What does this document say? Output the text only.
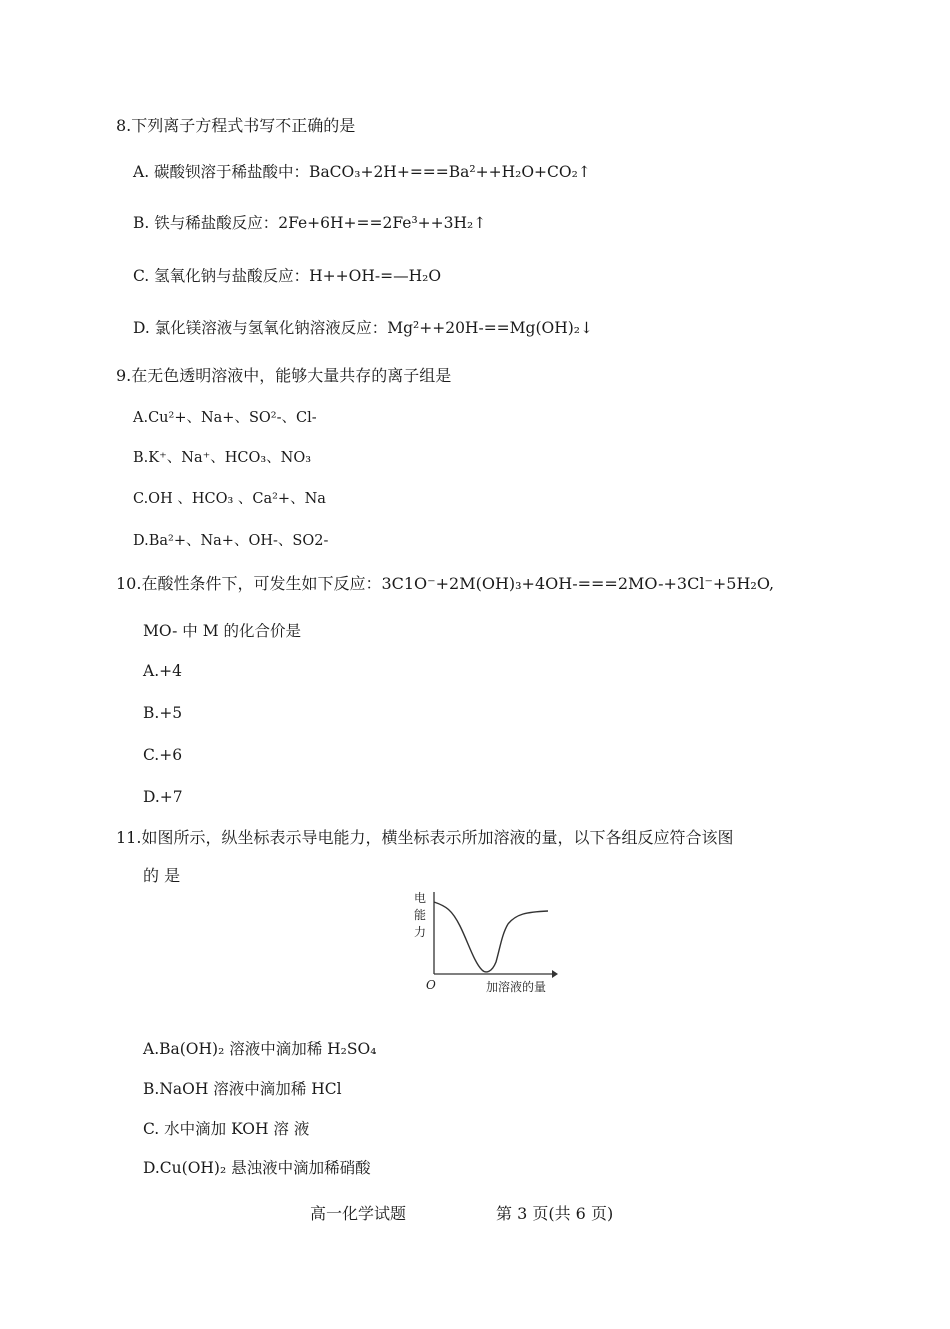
8.下列离子方程式书写不正确的是
A. 碳酸钡溶于稀盐酸中：BaCO₃+2H+===Ba²++H₂O+CO₂↑
B. 铁与稀盐酸反应：2Fe+6H+==2Fe³++3H₂↑
C. 氢氧化钠与盐酸反应：H++OH-=—H₂O
D. 氯化镁溶液与氢氧化钠溶液反应：Mg²++20H-==Mg(OH)₂↓
9.在无色透明溶液中，能够大量共存的离子组是
A.Cu²+、Na+、SO²-、Cl-
B.K⁺、Na⁺、HCO₃、NO₃
C.OH 、HCO₃ 、Ca²+、Na
D.Ba²+、Na+、OH-、SO2-
10.在酸性条件下，可发生如下反应：3C1O⁻+2M(OH)₃+4OH-===2MO-+3Cl⁻+5H₂O,
MO- 中 M 的化合价是
A.+4
B.+5
C.+6
D.+7
11.如图所示，纵坐标表示导电能力，横坐标表示所加溶液的量，以下各组反应符合该图
的 是
电
能
力
O	加溶液的量
A.Ba(OH)₂ 溶液中滴加稀 H₂SO₄
B.NaOH 溶液中滴加稀 HCl
C. 水中滴加 KOH 溶 液
D.Cu(OH)₂ 悬浊液中滴加稀硝酸
高一化学试题	第 3 页(共 6 页)
